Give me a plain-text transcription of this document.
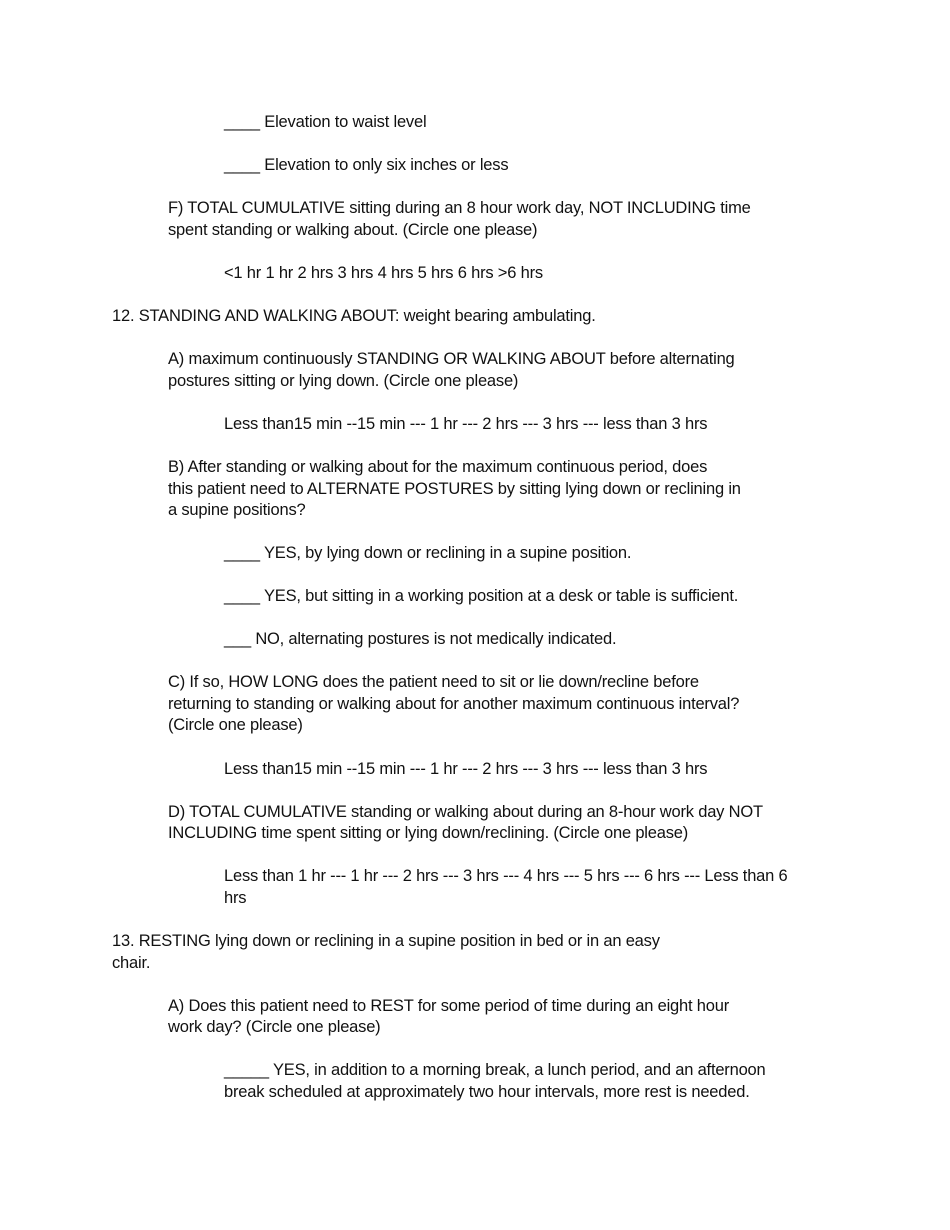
____ Elevation to waist level
____ Elevation to only six inches or less
F) TOTAL CUMULATIVE sitting during an 8 hour work day, NOT INCLUDING time
spent standing or walking about. (Circle one please)
<1 hr 1 hr 2 hrs 3 hrs 4 hrs 5 hrs 6 hrs >6 hrs
12. STANDING AND WALKING ABOUT: weight bearing ambulating.
A) maximum continuously STANDING OR WALKING ABOUT before alternating
postures sitting or lying down. (Circle one please)
Less than15 min --15 min --- 1 hr --- 2 hrs --- 3 hrs --- less than 3 hrs
B) After standing or walking about for the maximum continuous period, does
this patient need to ALTERNATE POSTURES by sitting lying down or reclining in
a supine positions?
____ YES, by lying down or reclining in a supine position.
____ YES, but sitting in a working position at a desk or table is sufficient.
___ NO, alternating postures is not medically indicated.
C) If so, HOW LONG does the patient need to sit or lie down/recline before
returning to standing or walking about for another maximum continuous interval?
(Circle one please)
Less than15 min --15 min --- 1 hr --- 2 hrs --- 3 hrs --- less than 3 hrs
D) TOTAL CUMULATIVE standing or walking about during an 8-hour work day NOT
INCLUDING time spent sitting or lying down/reclining. (Circle one please)
Less than 1 hr --- 1 hr --- 2 hrs --- 3 hrs --- 4 hrs --- 5 hrs --- 6 hrs --- Less than 6
hrs
13. RESTING lying down or reclining in a supine position in bed or in an easy
chair.
A) Does this patient need to REST for some period of time during an eight hour
work day? (Circle one please)
_____ YES, in addition to a morning break, a lunch period, and an afternoon
break scheduled at approximately two hour intervals, more rest is needed.
